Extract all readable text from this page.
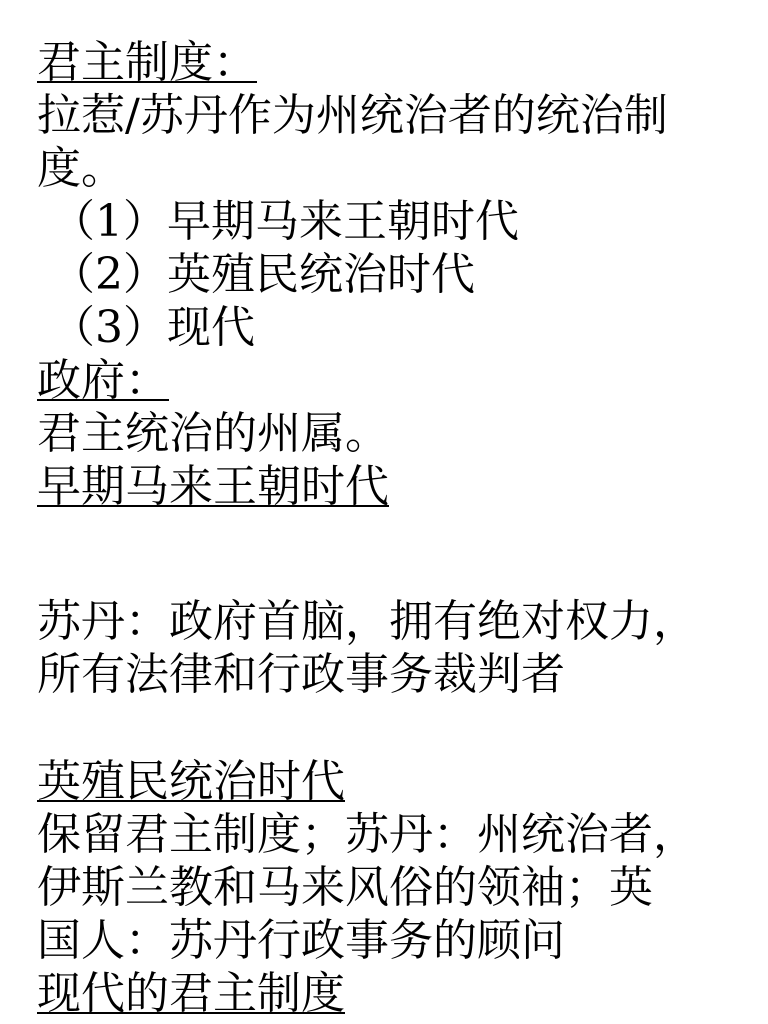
君主制度：
拉惹/苏丹作为州统治者的统治制
度。
（1）早期马来王朝时代
（2）英殖民统治时代
（3）现代
政府：
君主统治的州属。
早期马来王朝时代
苏丹：政府首脑，拥有绝对权力，
所有法律和行政事务裁判者
英殖民统治时代
保留君主制度；苏丹：州统治者，
伊斯兰教和马来风俗的领袖；英
国人：苏丹行政事务的顾问
现代的君主制度
